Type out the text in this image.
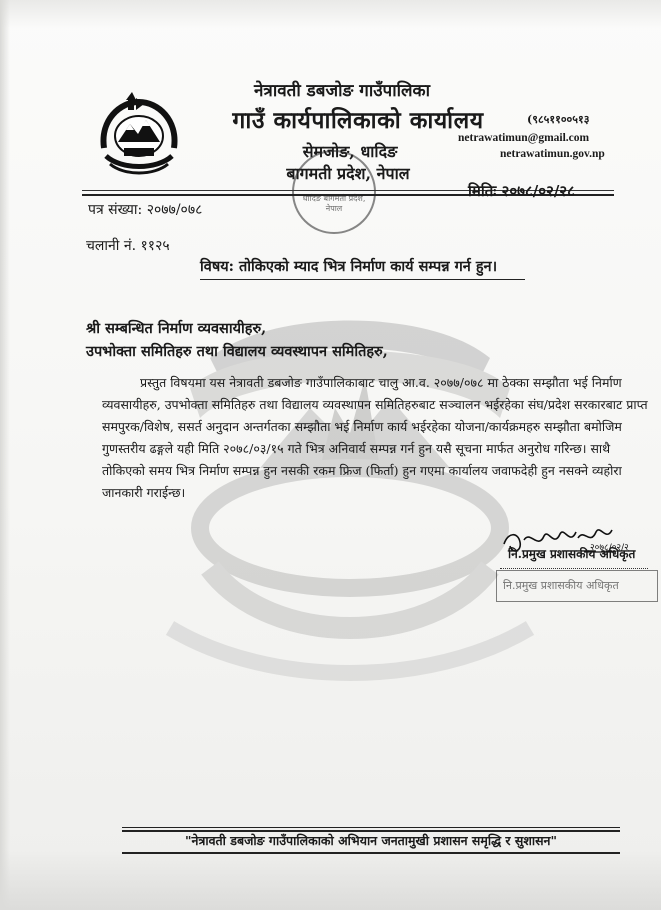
नेत्रावती डबजोङ गाउँपालिका
गाउँ कार्यपालिकाको कार्यालय
सेमजोङ, धादिङ
बागमती प्रदेश, नेपाल
(९८५११००५१३
netrawatimun@gmail.com
netrawatimun.gov.np
धादिङ बागमती प्रदेश, नेपाल
पत्र संख्या: २०७७/०७८
मितिः २०७८/०२/२८
चलानी नं. ११२५
विषय: तोकिएको म्याद भित्र निर्माण कार्य सम्पन्न गर्न हुन।
श्री सम्बन्धित निर्माण व्यवसायीहरु,
उपभोक्ता समितिहरु तथा विद्यालय व्यवस्थापन समितिहरु,
प्रस्तुत विषयमा यस नेत्रावती डबजोङ गाउँपालिकाबाट चालु आ.व. २०७७/०७८ मा ठेक्का सम्झौता भई निर्माण
व्यवसायीहरु, उपभोक्ता समितिहरु तथा विद्यालय व्यवस्थापन समितिहरुबाट सञ्चालन भईरहेका संघ/प्रदेश सरकारबाट प्राप्त
समपुरक/विशेष, ससर्त अनुदान अन्तर्गतका सम्झौता भई निर्माण कार्य भईरहेका योजना/कार्यक्रमहरु सम्झौता बमोजिम
गुणस्तरीय ढङ्गले यही मिति २०७८/०३/१५ गते भित्र अनिवार्य सम्पन्न गर्न हुन यसै सूचना मार्फत अनुरोध गरिन्छ। साथै
तोकिएको समय भित्र निर्माण सम्पन्न हुन नसकी रकम फ्रिज (फिर्ता) हुन गएमा कार्यालय जवाफदेही हुन नसक्ने व्यहोरा
जानकारी गराईन्छ।
२०७८/०२/२
नि.प्रमुख प्रशासकीय अधिकृत
नि.प्रमुख प्रशासकीय अधिकृत
"नेत्रावती डबजोङ गाउँपालिकाको अभियान जनतामुखी प्रशासन समृद्धि र सुशासन"
